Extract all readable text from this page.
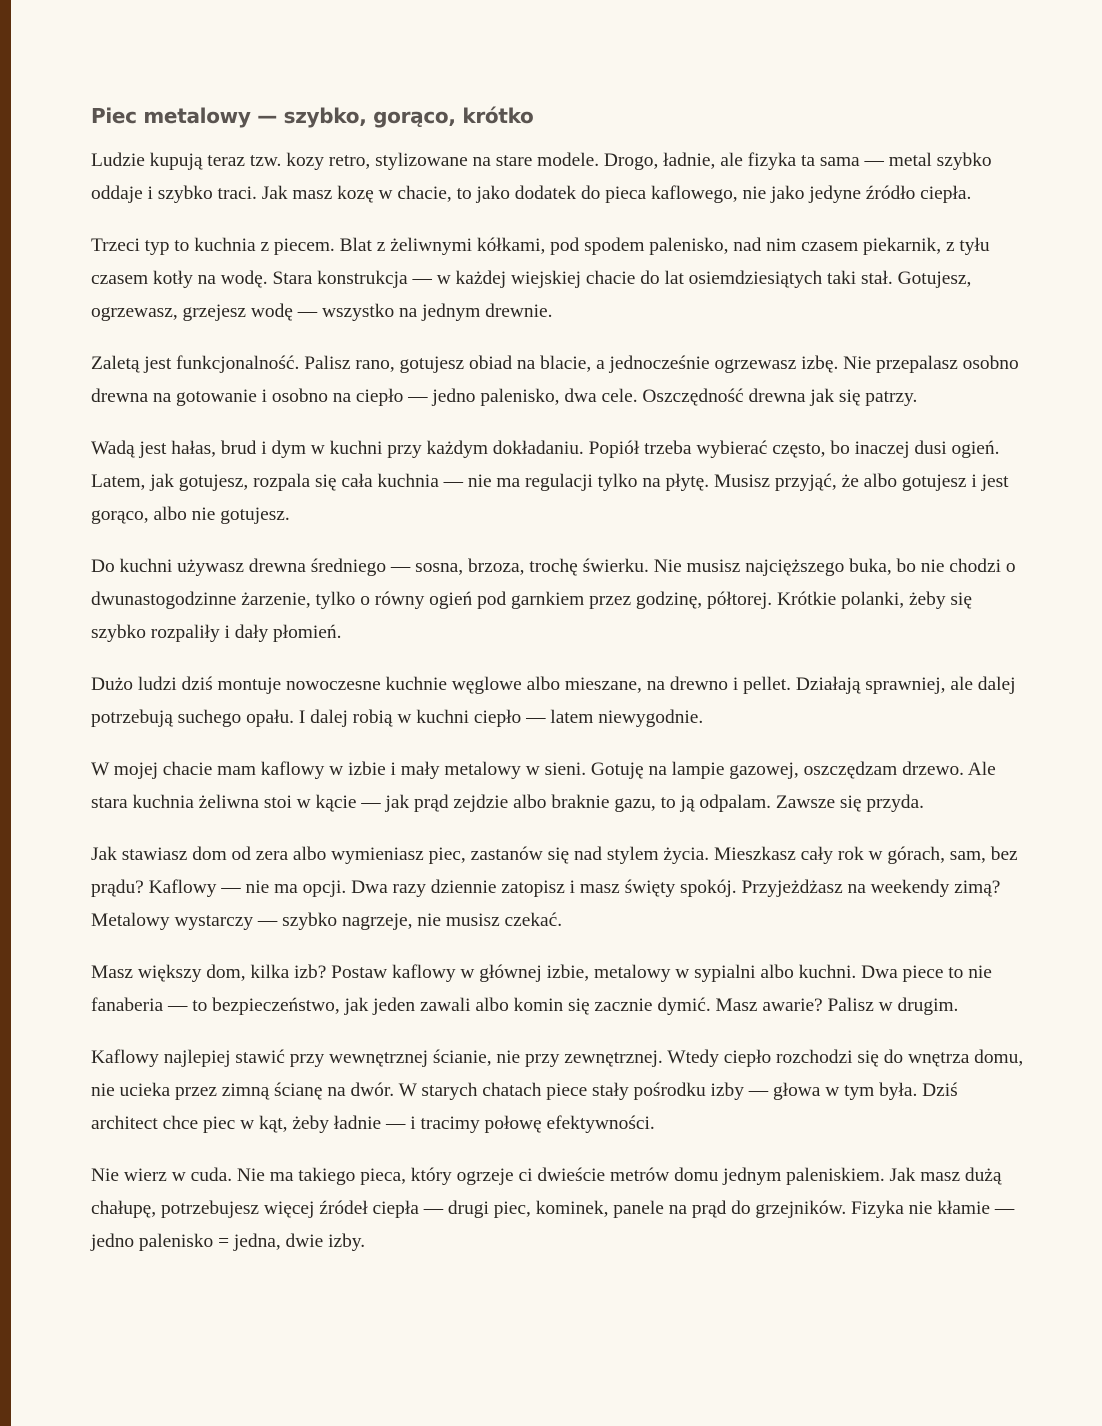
Piec metalowy — szybko, gorąco, krótko

Ludzie kupują teraz tzw. kozy retro, stylizowane na stare modele. Drogo, ładnie, ale fizyka ta sama — metal szybko oddaje i szybko traci. Jak masz kozę w chacie, to jako dodatek do pieca kaflowego, nie jako jedyne źródło ciepła.

Trzeci typ to kuchnia z piecem. Blat z żeliwnymi kółkami, pod spodem palenisko, nad nim czasem piekarnik, z tyłu czasem kotły na wodę. Stara konstrukcja — w każdej wiejskiej chacie do lat osiemdziesiątych taki stał. Gotujesz, ogrzewasz, grzejesz wodę — wszystko na jednym drewnie.

Zaletą jest funkcjonalność. Palisz rano, gotujesz obiad na blacie, a jednocześnie ogrzewasz izbę. Nie przepalasz osobno drewna na gotowanie i osobno na ciepło — jedno palenisko, dwa cele. Oszczędność drewna jak się patrzy.

Wadą jest hałas, brud i dym w kuchni przy każdym dokładaniu. Popiół trzeba wybierać często, bo inaczej dusi ogień. Latem, jak gotujesz, rozpala się cała kuchnia — nie ma regulacji tylko na płytę. Musisz przyjąć, że albo gotujesz i jest gorąco, albo nie gotujesz.

Do kuchni używasz drewna średniego — sosna, brzoza, trochę świerku. Nie musisz najcięższego buka, bo nie chodzi o dwunastogodzinne żarzenie, tylko o równy ogień pod garnkiem przez godzinę, półtorej. Krótkie polanki, żeby się szybko rozpaliły i dały płomień.

Dużo ludzi dziś montuje nowoczesne kuchnie węglowe albo mieszane, na drewno i pellet. Działają sprawniej, ale dalej potrzebują suchego opału. I dalej robią w kuchni ciepło — latem niewygodnie.

W mojej chacie mam kaflowy w izbie i mały metalowy w sieni. Gotuję na lampie gazowej, oszczędzam drzewo. Ale stara kuchnia żeliwna stoi w kącie — jak prąd zejdzie albo braknie gazu, to ją odpalam. Zawsze się przyda.

Jak stawiasz dom od zera albo wymieniasz piec, zastanów się nad stylem życia. Mieszkasz cały rok w górach, sam, bez prądu? Kaflowy — nie ma opcji. Dwa razy dziennie zatopisz i masz święty spokój. Przyjeżdżasz na weekendy zimą? Metalowy wystarczy — szybko nagrzeje, nie musisz czekać.

Masz większy dom, kilka izb? Postaw kaflowy w głównej izbie, metalowy w sypialni albo kuchni. Dwa piece to nie fanaberia — to bezpieczeństwo, jak jeden zawali albo komin się zacznie dymić. Masz awarie? Palisz w drugim.

Kaflowy najlepiej stawić przy wewnętrznej ścianie, nie przy zewnętrznej. Wtedy ciepło rozchodzi się do wnętrza domu, nie ucieka przez zimną ścianę na dwór. W starych chatach piece stały pośrodku izby — głowa w tym była. Dziś architect chce piec w kąt, żeby ładnie — i tracimy połowę efektywności.

Nie wierz w cuda. Nie ma takiego pieca, który ogrzeje ci dwieście metrów domu jednym paleniskiem. Jak masz dużą chałupę, potrzebujesz więcej źródeł ciepła — drugi piec, kominek, panele na prąd do grzejników. Fizyka nie kłamie — jedno palenisko = jedna, dwie izby.
